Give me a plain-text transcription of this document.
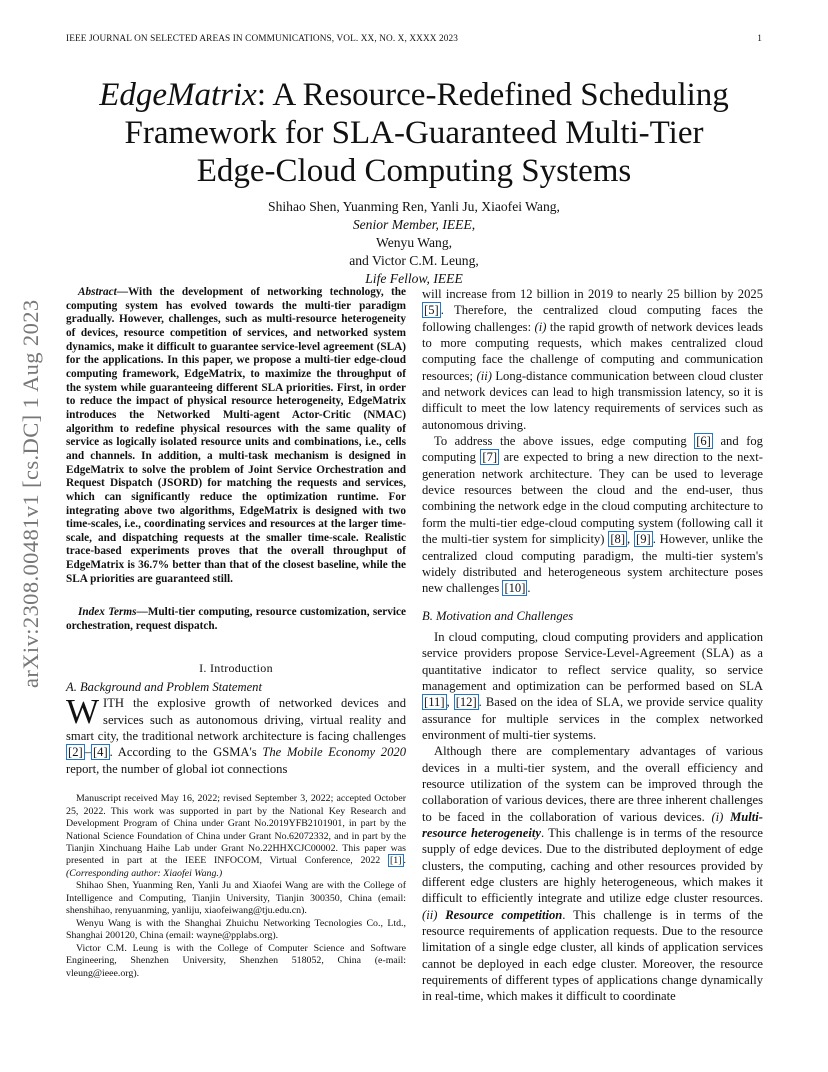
IEEE JOURNAL ON SELECTED AREAS IN COMMUNICATIONS, VOL. XX, NO. X, XXXX 2023	1
arXiv:2308.00481v1 [cs.DC] 1 Aug 2023
EdgeMatrix: A Resource-Redefined Scheduling
Framework for SLA-Guaranteed Multi-Tier
Edge-Cloud Computing Systems
Shihao Shen, Yuanming Ren, Yanli Ju, Xiaofei Wang,
Senior Member, IEEE,
Wenyu Wang,
and Victor C.M. Leung,
Life Fellow, IEEE

Abstract—With the development of networking technology, the computing system has evolved towards the multi-tier paradigm gradually. However, challenges, such as multi-resource heterogeneity of devices, resource competition of services, and networked system dynamics, make it difficult to guarantee service-level agreement (SLA) for the applications. In this paper, we propose a multi-tier edge-cloud computing framework, EdgeMatrix, to maximize the throughput of the system while guaranteeing different SLA priorities. First, in order to reduce the impact of physical resource heterogeneity, EdgeMatrix introduces the Networked Multi-agent Actor-Critic (NMAC) algorithm to redefine physical resources with the same quality of service as logically isolated resource units and combinations, i.e., cells and channels. In addition, a multi-task mechanism is designed in EdgeMatrix to solve the problem of Joint Service Orchestration and Request Dispatch (JSORD) for matching the requests and services, which can significantly reduce the optimization runtime. For integrating above two algorithms, EdgeMatrix is designed with two time-scales, i.e., coordinating services and resources at the larger time-scale, and dispatching requests at the smaller time-scale. Realistic trace-based experiments proves that the overall throughput of EdgeMatrix is 36.7% better than that of the closest baseline, while the SLA priorities are guaranteed still.

Index Terms—Multi-tier computing, resource customization, service orchestration, request dispatch.

I. Introduction
A. Background and Problem Statement

WITH the explosive growth of networked devices and services such as autonomous driving, virtual reality and smart city, the traditional network architecture is facing challenges [2] – [4] . According to the GSMA's The Mobile Economy 2020 report, the number of global iot connections

Manuscript received May 16, 2022; revised September 3, 2022; accepted October 25, 2022. This work was supported in part by the National Key Research and Development Program of China under Grant No.2019YFB2101901, in part by the National Science Foundation of China under Grant No.62072332, and in part by the Tianjin Xinchuang Haihe Lab under Grant No.22HHXCJC00002. This paper was presented in part at the IEEE INFOCOM, Virtual Conference, 2022 [1] . (Corresponding author: Xiaofei Wang.)

Shihao Shen, Yuanming Ren, Yanli Ju and Xiaofei Wang are with the College of Intelligence and Computing, Tianjin University, Tianjin 300350, China (email: shenshihao, renyuanming, yanliju, xiaofeiwang@tju.edu.cn).

Wenyu Wang is with the Shanghai Zhuichu Networking Tecnologies Co., Ltd., Shanghai 200120, China (email: wayne@pplabs.org).

Victor C.M. Leung is with the College of Computer Science and Software Engineering, Shenzhen University, Shenzhen 518052, China (e-mail: vleung@ieee.org).

will increase from 12 billion in 2019 to nearly 25 billion by 2025 [5] . Therefore, the centralized cloud computing faces the following challenges: (i) the rapid growth of network devices leads to more computing requests, which makes centralized cloud computing face the challenge of computing and communication resources; (ii) Long-distance communication between cloud cluster and network devices can lead to high transmission latency, so it is difficult to meet the low latency requirements of services such as autonomous driving.

To address the above issues, edge computing [6] and fog computing [7] are expected to bring a new direction to the next-generation network architecture. They can be used to leverage device resources between the cloud and the end-user, thus combining the network edge in the cloud computing architecture to form the multi-tier edge-cloud computing system (following call it the multi-tier system for simplicity) [8] , [9] . However, unlike the centralized cloud computing paradigm, the multi-tier system's widely distributed and heterogeneous system architecture poses new challenges [10] .

B. Motivation and Challenges

In cloud computing, cloud computing providers and application service providers propose Service-Level-Agreement (SLA) as a quantitative indicator to reflect service quality, so service management and optimization can be performed based on SLA [11] , [12] . Based on the idea of SLA, we provide service quality assurance for multiple services in the complex networked environment of multi-tier systems.

Although there are complementary advantages of various devices in a multi-tier system, and the overall efficiency and resource utilization of the system can be improved through the collaboration of various devices, there are three inherent challenges to be faced in the collaboration of various devices. (i) Multi-resource heterogeneity. This challenge is in terms of the resource supply of edge devices. Due to the distributed deployment of edge clusters, the computing, caching and other resources provided by different edge clusters are highly heterogeneous, which makes it difficult to efficiently integrate and utilize edge cluster resources. (ii) Resource competition. This challenge is in terms of the resource requirements of application requests. Due to the resource limitation of a single edge cluster, all kinds of application services cannot be deployed in each edge cluster. Moreover, the resource requirements of different types of applications change dynamically in real-time, which makes it difficult to coordinate
